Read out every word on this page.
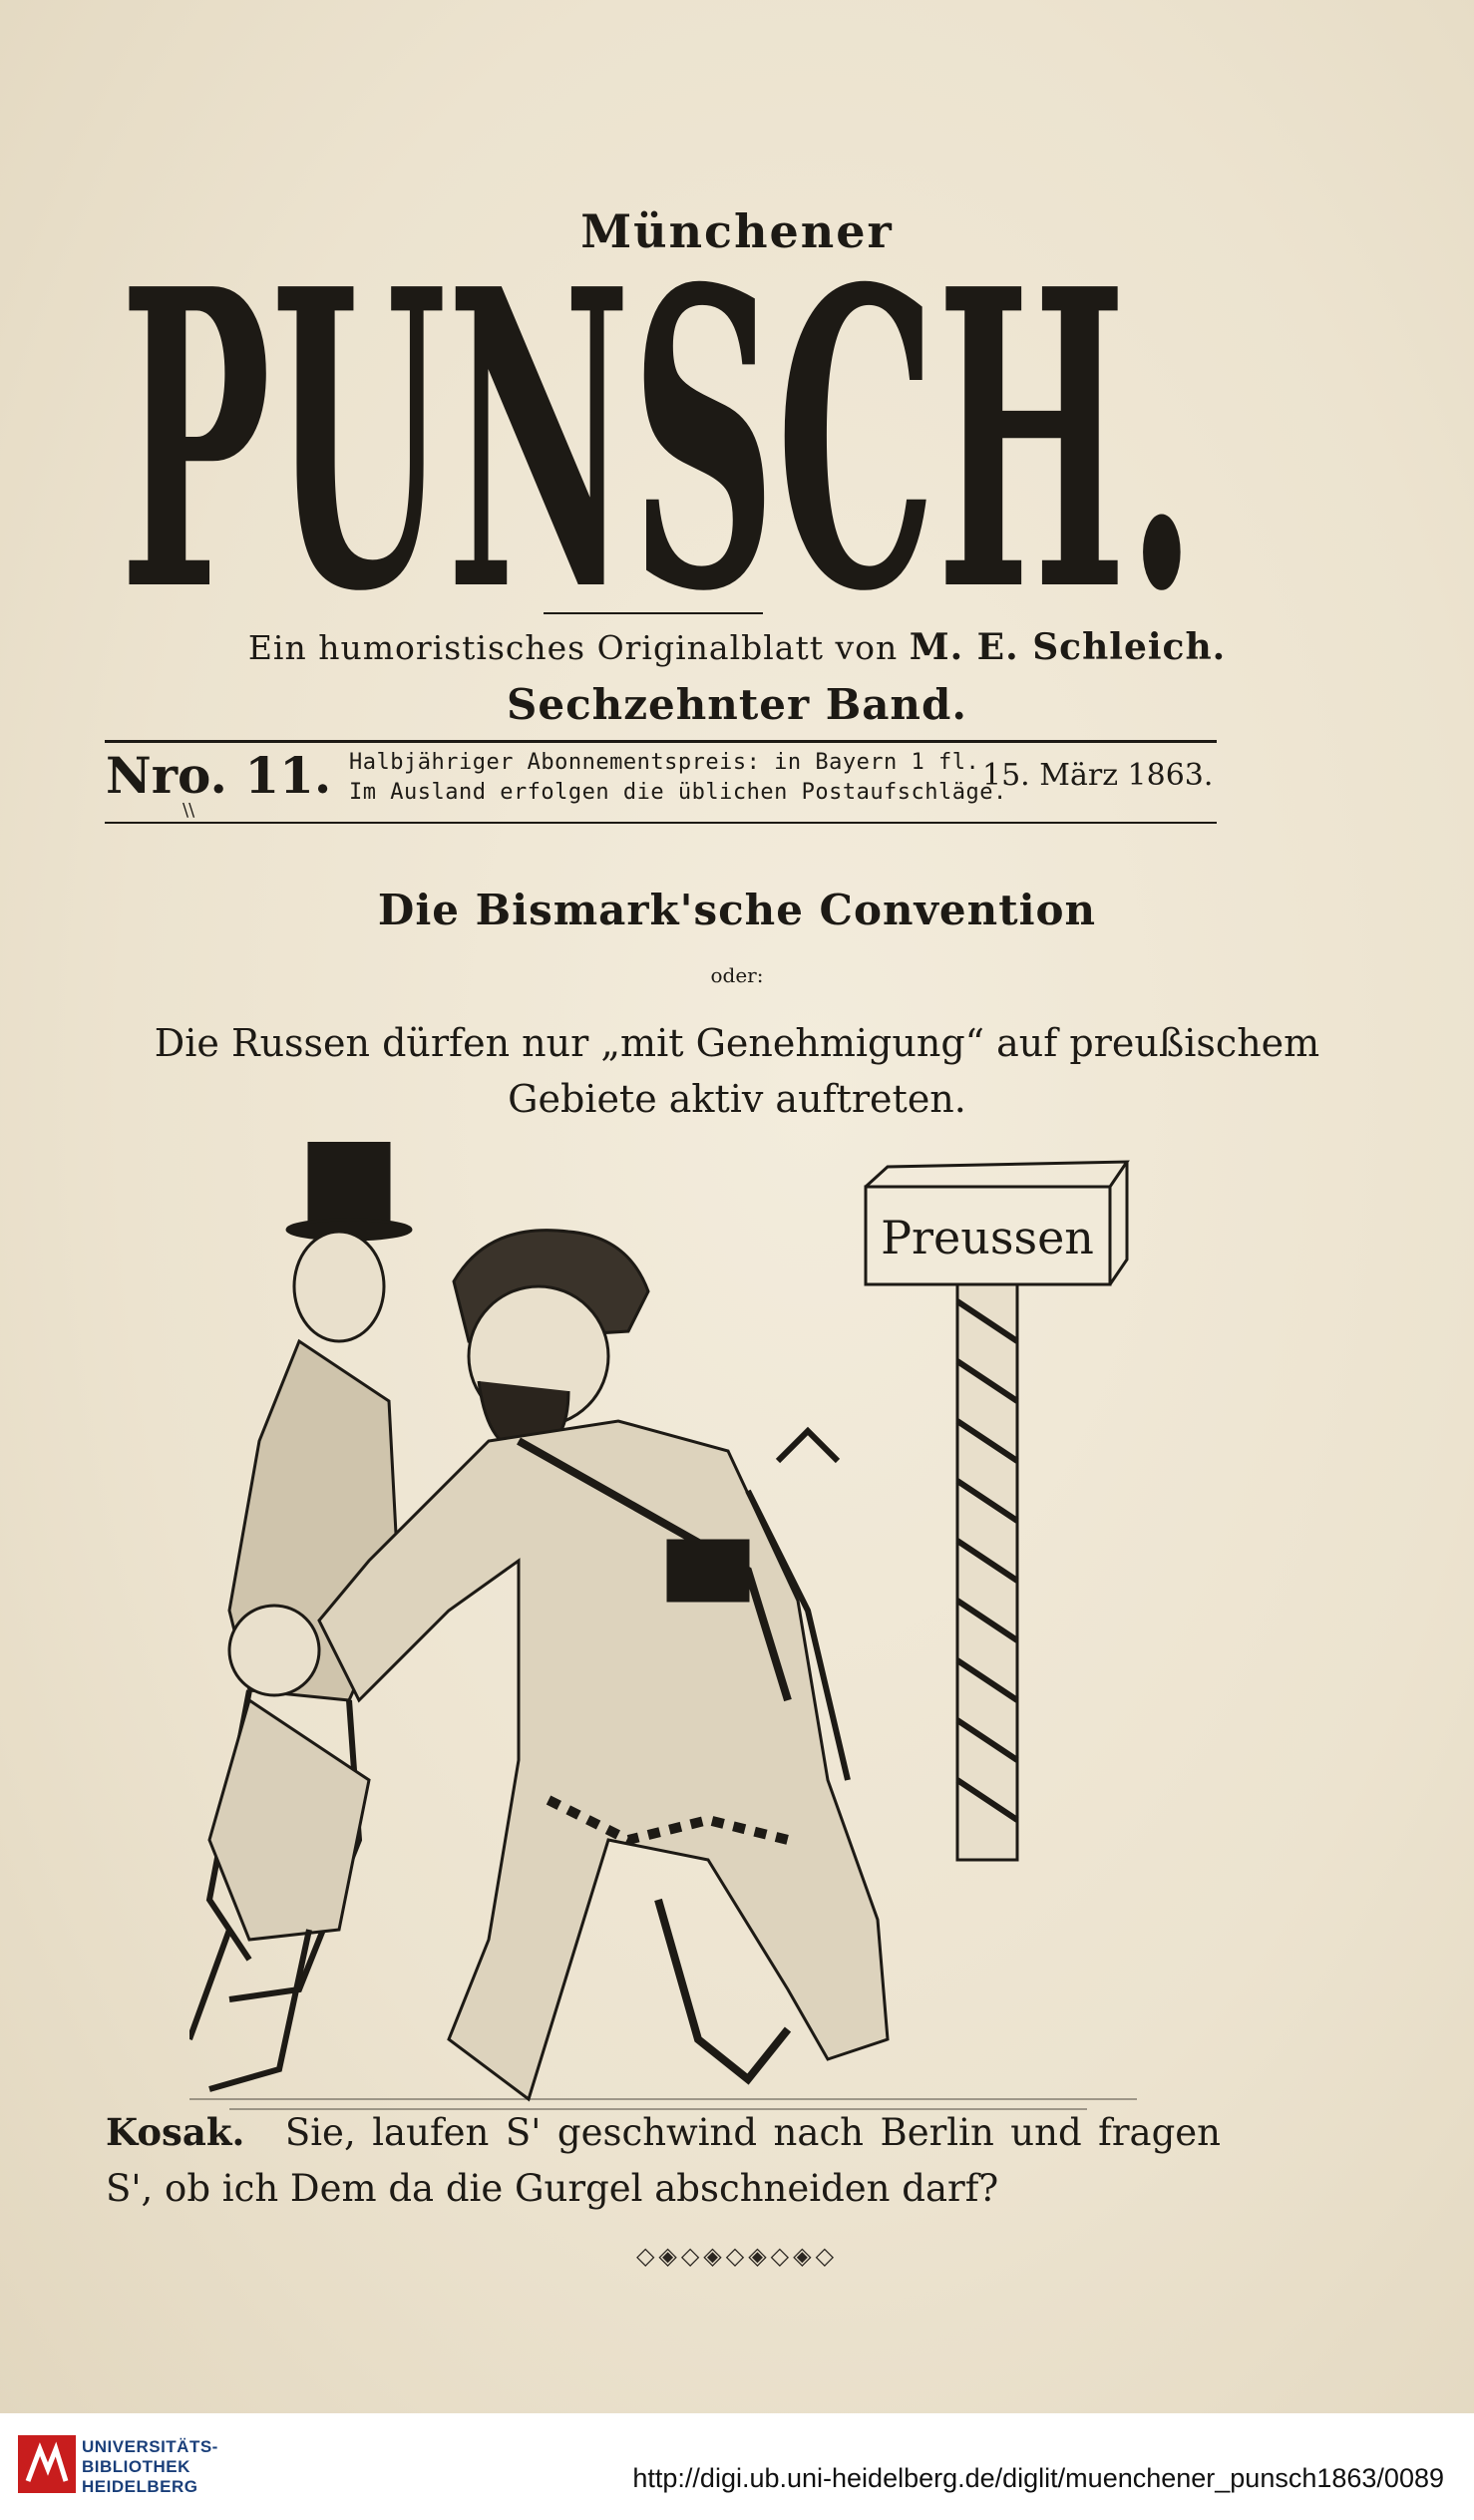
Münchener
PUNSCH.
Ein humoristisches Originalblatt von M. E. Schleich.
Sechzehnter Band.
Nro. 11.
\\
Halbjähriger Abonnementspreis: in Bayern 1 fl.
Im Ausland erfolgen die üblichen Postaufschläge.
15. März 1863.
Die Bismark'sche Convention
oder:
Die Russen dürfen nur „mit Genehmigung“ auf preußischem Gebiete aktiv auftreten.
Preussen
Kosak. Sie, laufen S' geschwind nach Berlin und fragen S', ob ich Dem da die Gurgel abschneiden darf?
◇◈◇◈◇◈◇◈◇
UNIVERSITÄTS-
BIBLIOTHEK
HEIDELBERG	http://digi.ub.uni-heidelberg.de/diglit/muenchener_punsch1863/0089
